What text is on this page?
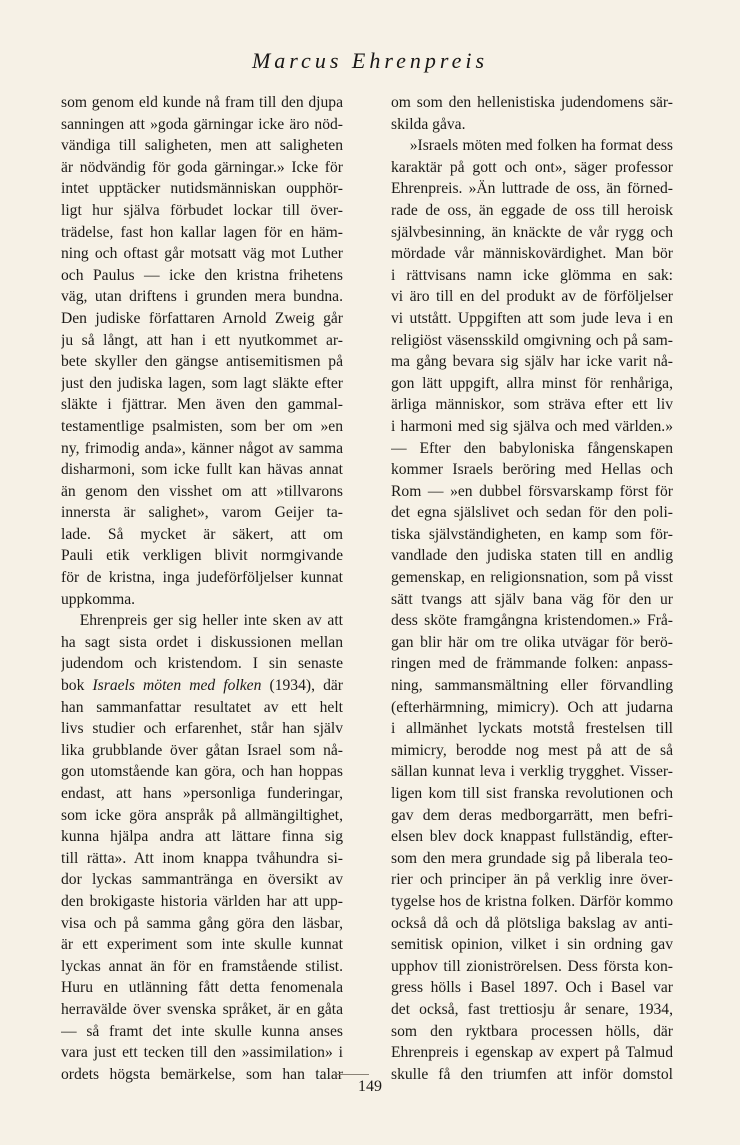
Marcus Ehrenpreis
som genom eld kunde nå fram till den djupa
sanningen att »goda gärningar icke äro nöd-
vändiga till saligheten, men att saligheten
är nödvändig för goda gärningar.» Icke för
intet upptäcker nutidsmänniskan oupphör-
ligt hur själva förbudet lockar till över-
trädelse, fast hon kallar lagen för en häm-
ning och oftast går motsatt väg mot Luther
och Paulus — icke den kristna frihetens
väg, utan driftens i grunden mera bundna.
Den judiske författaren Arnold Zweig går
ju så långt, att han i ett nyutkommet ar-
bete skyller den gängse antisemitismen på
just den judiska lagen, som lagt släkte efter
släkte i fjättrar. Men även den gammal-
testamentlige psalmisten, som ber om »en
ny, frimodig anda», känner något av samma
disharmoni, som icke fullt kan hävas annat
än genom den visshet om att »tillvarons
innersta är salighet», varom Geijer ta-
lade. Så mycket är säkert, att om
Pauli etik verkligen blivit normgivande
för de kristna, inga judeförföljelser kunnat
uppkomma.
Ehrenpreis ger sig heller inte sken av att
ha sagt sista ordet i diskussionen mellan
judendom och kristendom. I sin senaste
bok Israels möten med folken (1934), där
han sammanfattar resultatet av ett helt
livs studier och erfarenhet, står han själv
lika grubblande över gåtan Israel som nå-
gon utomstående kan göra, och han hoppas
endast, att hans »personliga funderingar,
som icke göra anspråk på allmängiltighet,
kunna hjälpa andra att lättare finna sig
till rätta». Att inom knappa tvåhundra si-
dor lyckas sammantränga en översikt av
den brokigaste historia världen har att upp-
visa och på samma gång göra den läsbar,
är ett experiment som inte skulle kunnat
lyckas annat än för en framstående stilist.
Huru en utlänning fått detta fenomenala
herravälde över svenska språket, är en gåta
— så framt det inte skulle kunna anses
vara just ett tecken till den »assimilation» i
ordets högsta bemärkelse, som han talar
om som den hellenistiska judendomens sär-
skilda gåva.
»Israels möten med folken ha format dess
karaktär på gott och ont», säger professor
Ehrenpreis. »Än luttrade de oss, än förned-
rade de oss, än eggade de oss till heroisk
självbesinning, än knäckte de vår rygg och
mördade vår människovärdighet. Man bör
i rättvisans namn icke glömma en sak:
vi äro till en del produkt av de förföljelser
vi utstått. Uppgiften att som jude leva i en
religiöst väsensskild omgivning och på sam-
ma gång bevara sig själv har icke varit nå-
gon lätt uppgift, allra minst för renhåriga,
ärliga människor, som sträva efter ett liv
i harmoni med sig själva och med världen.»
— Efter den babyloniska fångenskapen
kommer Israels beröring med Hellas och
Rom — »en dubbel försvarskamp först för
det egna själslivet och sedan för den poli-
tiska självständigheten, en kamp som för-
vandlade den judiska staten till en andlig
gemenskap, en religionsnation, som på visst
sätt tvangs att själv bana väg för den ur
dess sköte framgångna kristendomen.» Frå-
gan blir här om tre olika utvägar för berö-
ringen med de främmande folken: anpass-
ning, sammansmältning eller förvandling
(efterhärmning, mimicry). Och att judarna
i allmänhet lyckats motstå frestelsen till
mimicry, berodde nog mest på att de så
sällan kunnat leva i verklig trygghet. Visser-
ligen kom till sist franska revolutionen och
gav dem deras medborgarrätt, men befri-
elsen blev dock knappast fullständig, efter-
som den mera grundade sig på liberala teo-
rier och principer än på verklig inre över-
tygelse hos de kristna folken. Därför kommo
också då och då plötsliga bakslag av anti-
semitisk opinion, vilket i sin ordning gav
upphov till zioniströrelsen. Dess första kon-
gress hölls i Basel 1897. Och i Basel var
det också, fast trettiosju år senare, 1934,
som den ryktbara processen hölls, där
Ehrenpreis i egenskap av expert på Talmud
skulle få den triumfen att inför domstol
149
